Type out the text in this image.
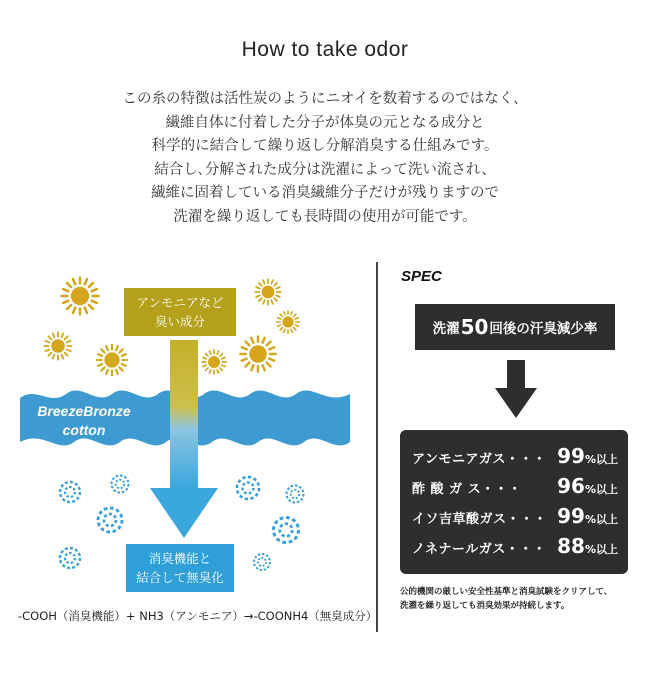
How to take odor
この糸の特徴は活性炭のようにニオイを数着するのではなく、
繊維自体に付着した分子が体臭の元となる成分と
科学的に結合して繰り返し分解消臭する仕組みです。
結合し､分解された成分は洗濯によって洗い流され、
繊維に固着している消臭繊維分子だけが残りますので
洗濯を繰り返しても長時間の使用が可能です。
アンモニアなど
臭い成分
BreezeBronze
cotton
消臭機能と
結合して無臭化
-COOH（消臭機能）+ NH3（アンモニア）→-COONH4（無臭成分）
SPEC
洗濯 50 回後の汗臭減少率
アンモニアガス・・・ 99 %以上
酢 酸 ガ ス・・・	96 %以上
イソ吉草酸ガス・・・ 99 %以上
ノネナールガス・・・ 88 %以上
公的機関の厳しい安全性基準と消臭試験をクリアして、
洗濯を繰り返しても消臭効果が持続します。
